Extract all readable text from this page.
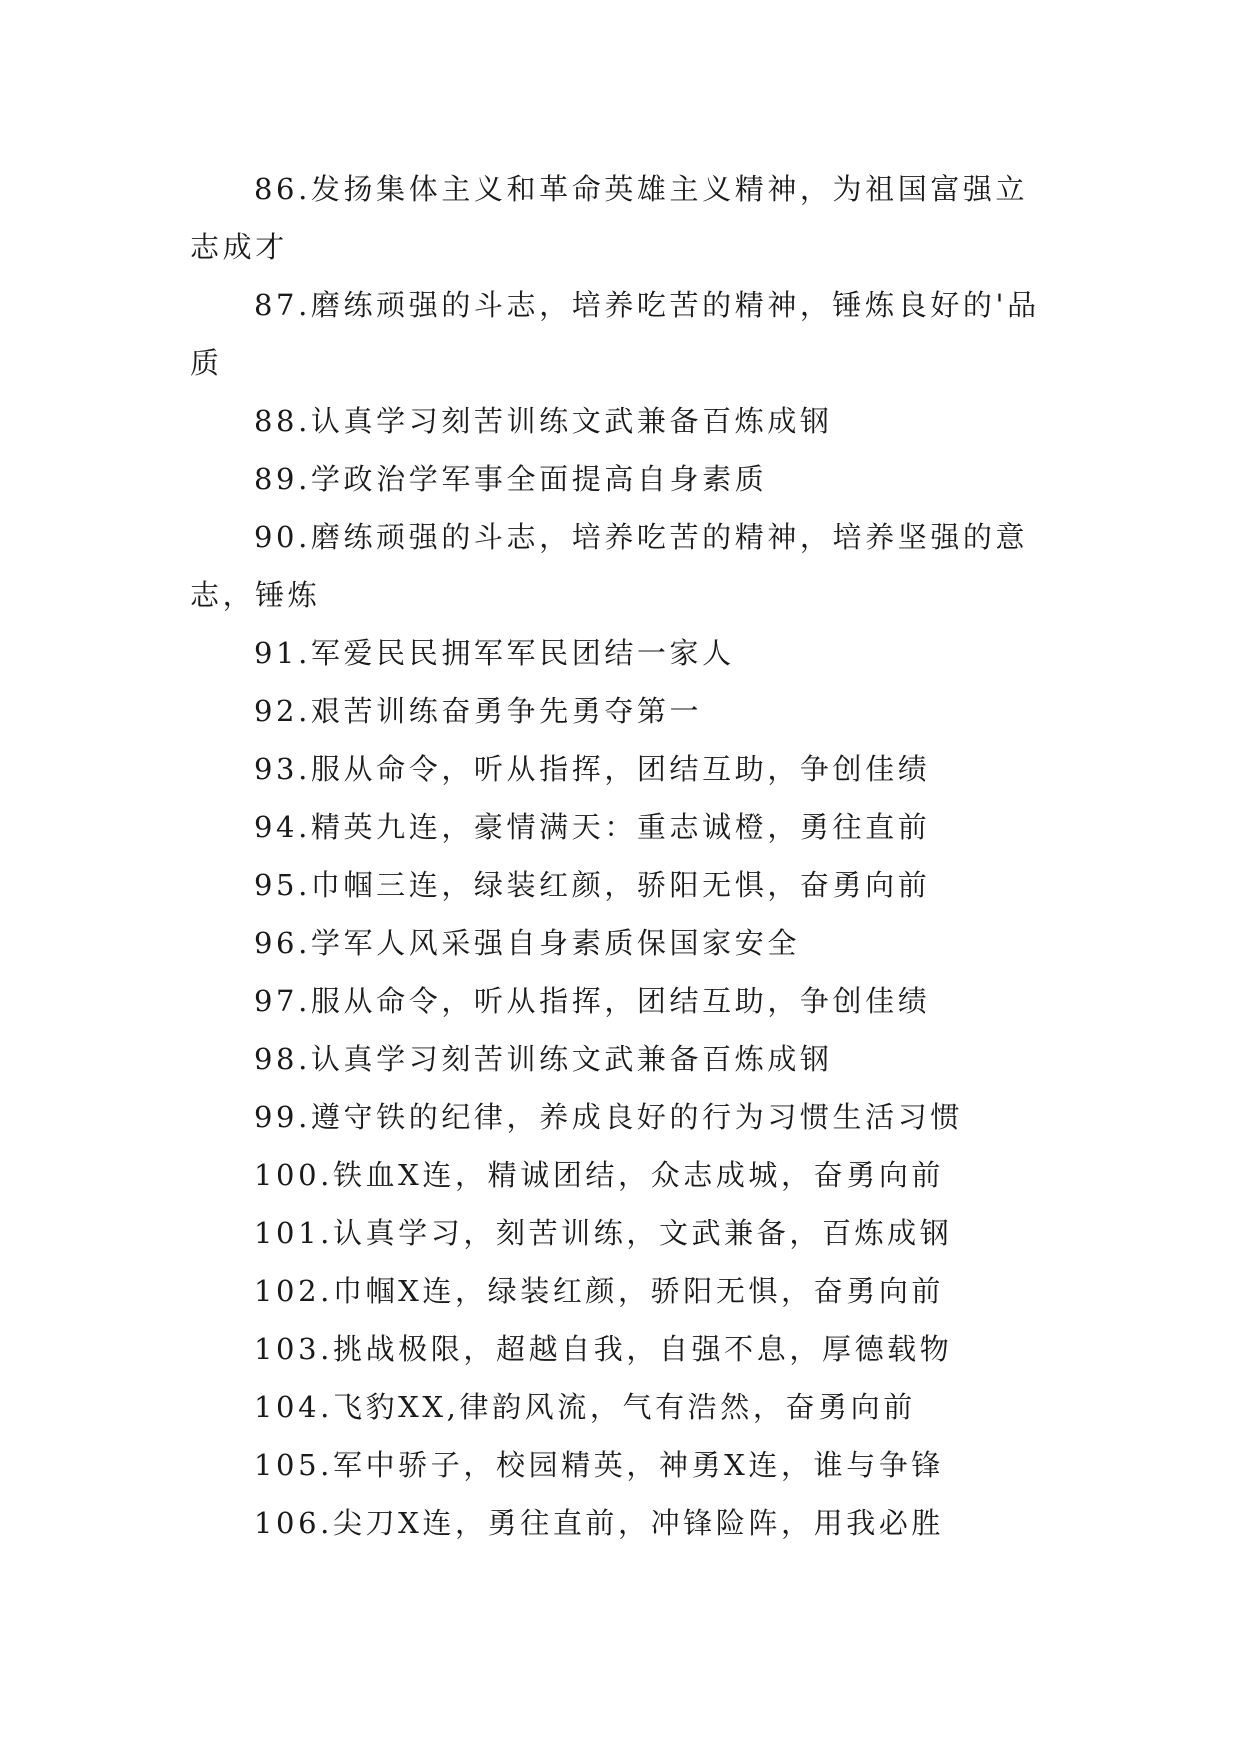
86.发扬集体主义和革命英雄主义精神，为祖国富强立志成才

87.磨练顽强的斗志，培养吃苦的精神，锤炼良好的'品质

88.认真学习刻苦训练文武兼备百炼成钢

89.学政治学军事全面提高自身素质

90.磨练顽强的斗志，培养吃苦的精神，培养坚强的意志，锤炼

91.军爱民民拥军军民团结一家人

92.艰苦训练奋勇争先勇夺第一

93.服从命令，听从指挥，团结互助，争创佳绩

94.精英九连，豪情满天：重志诚橙，勇往直前

95.巾帼三连，绿装红颜，骄阳无惧，奋勇向前

96.学军人风采强自身素质保国家安全

97.服从命令，听从指挥，团结互助，争创佳绩

98.认真学习刻苦训练文武兼备百炼成钢

99.遵守铁的纪律，养成良好的行为习惯生活习惯

100.铁血X连，精诚团结，众志成城，奋勇向前

101.认真学习，刻苦训练，文武兼备，百炼成钢

102.巾帼X连，绿装红颜，骄阳无惧，奋勇向前

103.挑战极限，超越自我，自强不息，厚德载物

104.飞豹XX,律韵风流，气有浩然，奋勇向前

105.军中骄子，校园精英，神勇X连，谁与争锋

106.尖刀X连，勇往直前，冲锋险阵，用我必胜
